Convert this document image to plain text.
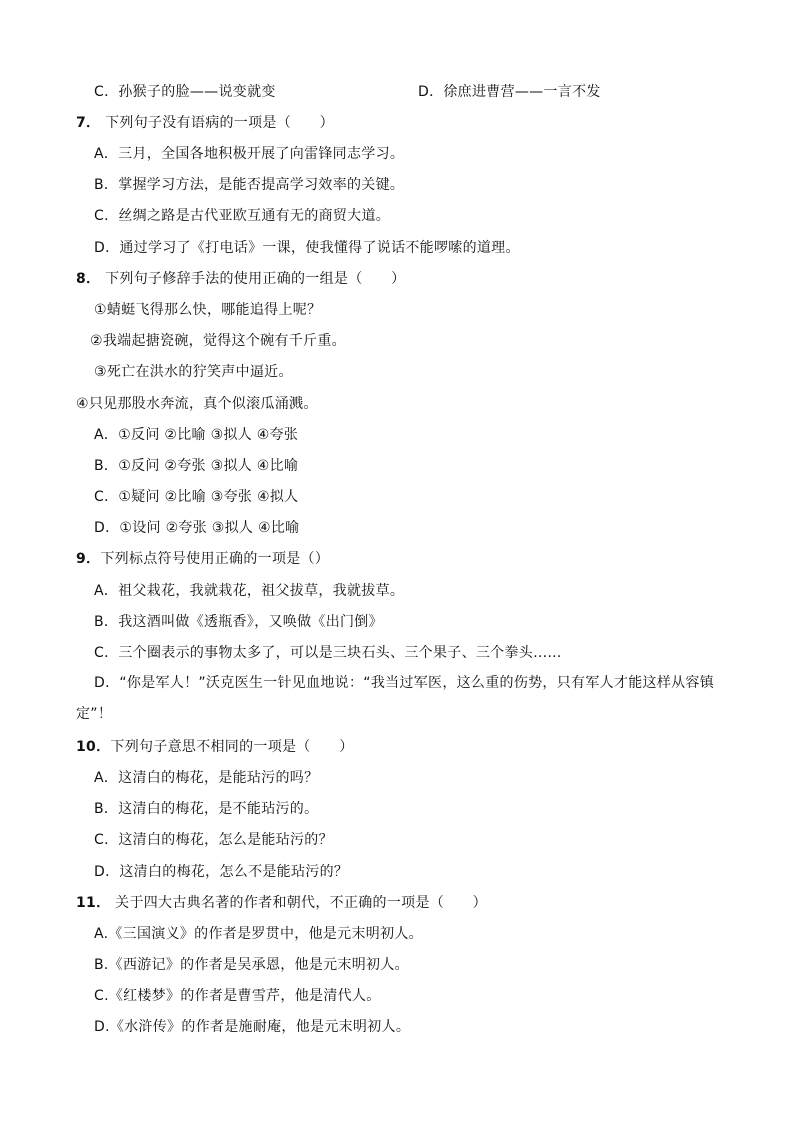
C．孙猴子的脸——说变就变	D．徐庶进曹营——一言不发
7． 下列句子没有语病的一项是（　　）
A．三月，全国各地积极开展了向雷锋同志学习。
B．掌握学习方法，是能否提高学习效率的关键。
C．丝绸之路是古代亚欧互通有无的商贸大道。
D．通过学习了《打电话》一课，使我懂得了说话不能啰嗦的道理。
8． 下列句子修辞手法的使用正确的一组是（　　）
①蜻蜓飞得那么快，哪能追得上呢？
②我端起搪瓷碗，觉得这个碗有千斤重。
③死亡在洪水的狞笑声中逼近。
④只见那股水奔流，真个似滚瓜涌溅。
A．①反问 ②比喻 ③拟人 ④夸张
B．①反问 ②夸张 ③拟人 ④比喻
C．①疑问 ②比喻 ③夸张 ④拟人
D．①设问 ②夸张 ③拟人 ④比喻
9．下列标点符号使用正确的一项是（）
A．祖父栽花，我就栽花，祖父拔草，我就拔草。
B．我这酒叫做《透瓶香》，又唤做《出门倒》
C．三个圈表示的事物太多了，可以是三块石头、三个果子、三个拳头……
D．“你是军人！”沃克医生一针见血地说：“我当过军医，这么重的伤势，只有军人才能这样从容镇定”！
10．下列句子意思不相同的一项是（　　）
A．这清白的梅花，是能玷污的吗？
B．这清白的梅花，是不能玷污的。
C．这清白的梅花，怎么是能玷污的？
D．这清白的梅花，怎么不是能玷污的？
11． 关于四大古典名著的作者和朝代，不正确的一项是（　　）
A.《三国演义》的作者是罗贯中，他是元末明初人。
B.《西游记》的作者是吴承恩，他是元末明初人。
C.《红楼梦》的作者是曹雪芹，他是清代人。
D.《水浒传》的作者是施耐庵，他是元末明初人。
